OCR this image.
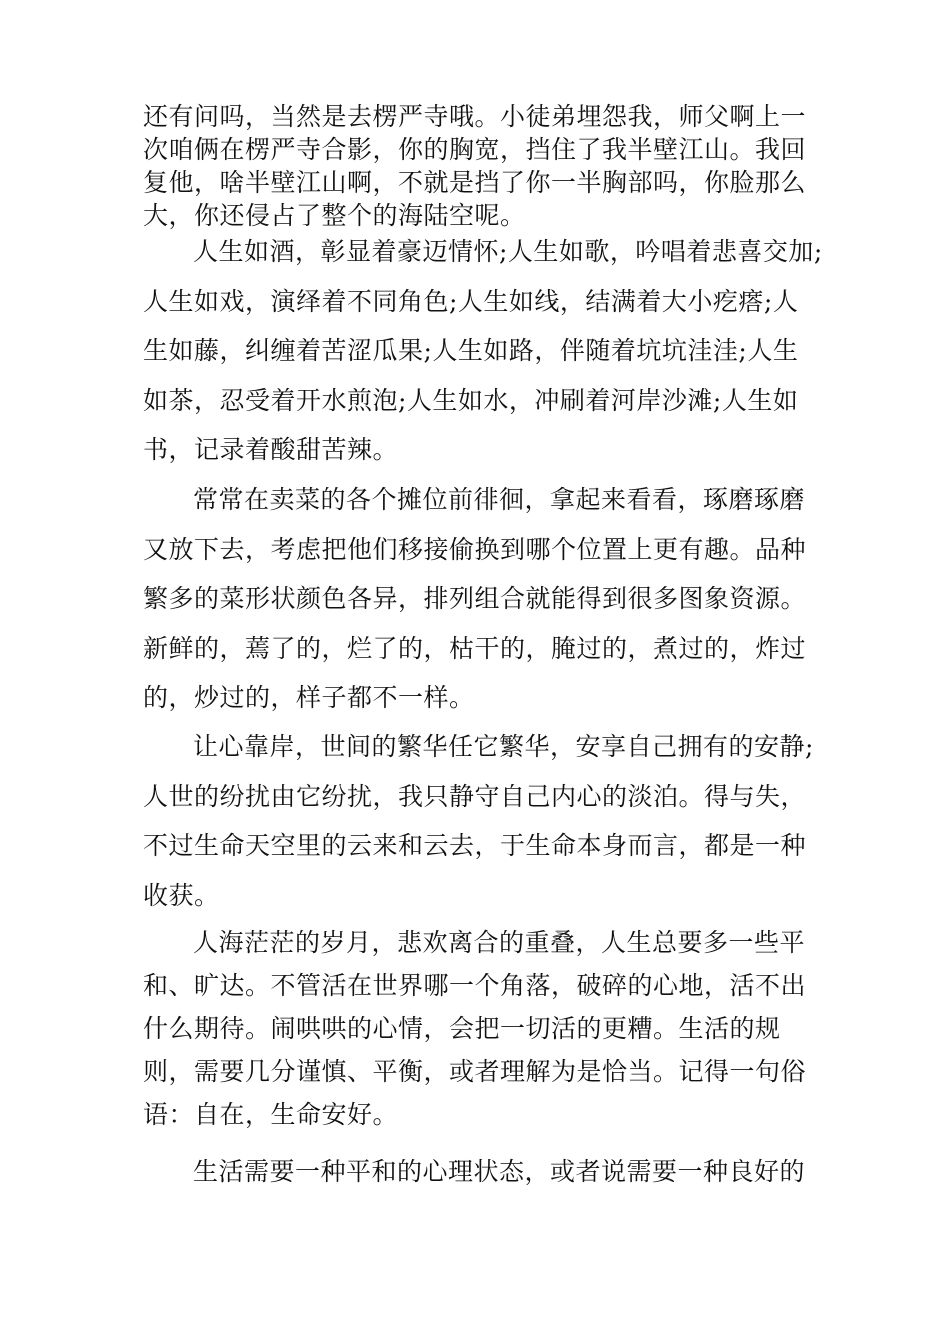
还有问吗，当然是去楞严寺哦。小徒弟埋怨我，师父啊上一次咱俩在楞严寺合影，你的胸宽，挡住了我半壁江山。我回复他，啥半壁江山啊，不就是挡了你一半胸部吗，你脸那么大，你还侵占了整个的海陆空呢。
人生如酒，彰显着豪迈情怀;人生如歌，吟唱着悲喜交加;人生如戏，演绎着不同角色;人生如线，结满着大小疙瘩;人生如藤，纠缠着苦涩瓜果;人生如路，伴随着坑坑洼洼;人生如茶，忍受着开水煎泡;人生如水，冲刷着河岸沙滩;人生如书，记录着酸甜苦辣。
常常在卖菜的各个摊位前徘徊，拿起来看看，琢磨琢磨又放下去，考虑把他们移接偷换到哪个位置上更有趣。品种繁多的菜形状颜色各异，排列组合就能得到很多图象资源。新鲜的，蔫了的，烂了的，枯干的，腌过的，煮过的，炸过的，炒过的，样子都不一样。
让心靠岸，世间的繁华任它繁华，安享自己拥有的安静;人世的纷扰由它纷扰，我只静守自己内心的淡泊。得与失，不过生命天空里的云来和云去，于生命本身而言，都是一种收获。
人海茫茫的岁月，悲欢离合的重叠，人生总要多一些平和、旷达。不管活在世界哪一个角落，破碎的心地，活不出什么期待。闹哄哄的心情，会把一切活的更糟。生活的规则，需要几分谨慎、平衡，或者理解为是恰当。记得一句俗语：自在，生命安好。
生活需要一种平和的心理状态，或者说需要一种良好的
